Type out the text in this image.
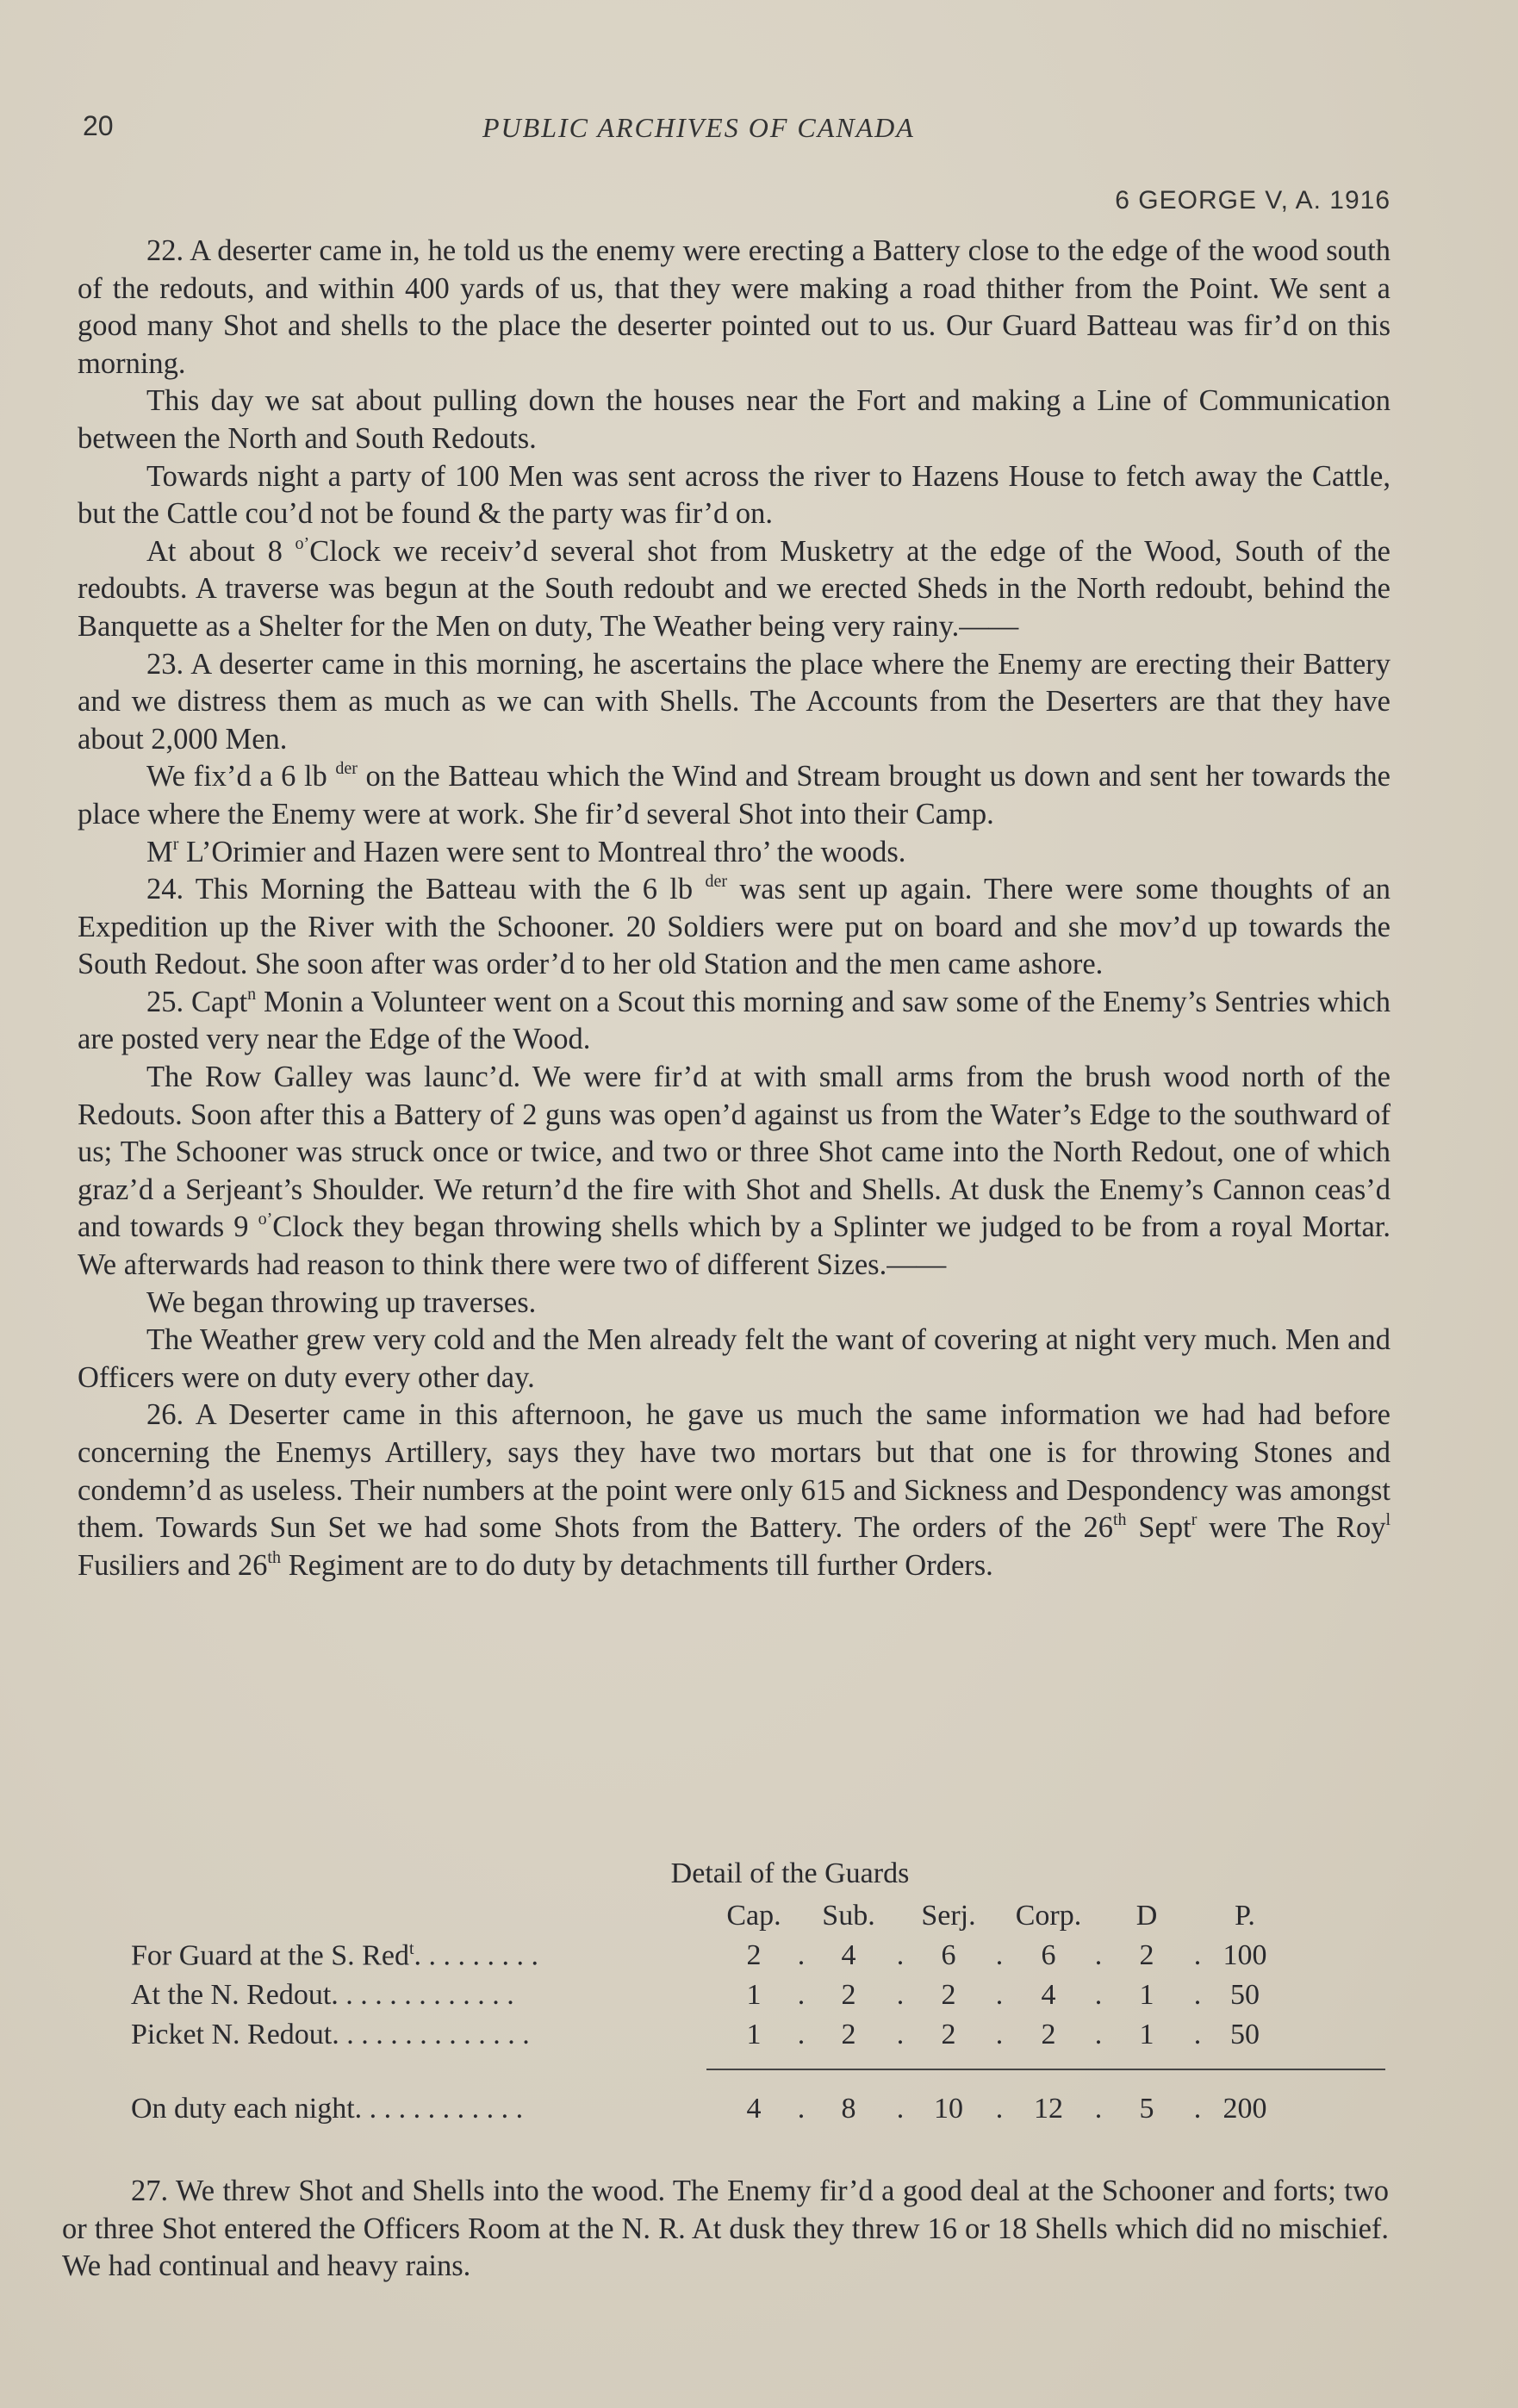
20	PUBLIC ARCHIVES OF CANADA
6 GEORGE V, A. 1916

22. A deserter came in, he told us the enemy were erecting a Battery close to the edge of the wood south of the redouts, and within 400 yards of us, that they were making a road thither from the Point. We sent a good many Shot and shells to the place the deserter pointed out to us. Our Guard Batteau was fir’d on this morning.

This day we sat about pulling down the houses near the Fort and making a Line of Communication between the North and South Redouts.

Towards night a party of 100 Men was sent across the river to Hazens House to fetch away the Cattle, but the Cattle cou’d not be found & the party was fir’d on.

At about 8 $^{o’}$Clock we receiv’d several shot from Musketry at the edge of the Wood, South of the redoubts. A traverse was begun at the South redoubt and we erected Sheds in the North redoubt, behind the Banquette as a Shelter for the Men on duty, The Weather being very rainy.——

23. A deserter came in this morning, he ascertains the place where the Enemy are erecting their Battery and we distress them as much as we can with Shells. The Accounts from the Deserters are that they have about 2,000 Men.

We fix’d a 6 lb $^{der}$ on the Batteau which the Wind and Stream brought us down and sent her towards the place where the Enemy were at work. She fir’d several Shot into their Camp.

$M^r$ L’Orimier and Hazen were sent to Montreal thro’ the woods.

24. This Morning the Batteau with the 6 lb $^{der}$ was sent up again. There were some thoughts of an Expedition up the River with the Schooner. 20 Soldiers were put on board and she mov’d up towards the South Redout. She soon after was order’d to her old Station and the men came ashore.

25. Capt$^n$ Monin a Volunteer went on a Scout this morning and saw some of the Enemy’s Sentries which are posted very near the Edge of the Wood.

The Row Galley was launc’d. We were fir’d at with small arms from the brush wood north of the Redouts. Soon after this a Battery of 2 guns was open’d against us from the Water’s Edge to the southward of us; The Schooner was struck once or twice, and two or three Shot came into the North Redout, one of which graz’d a Serjeant’s Shoulder. We return’d the fire with Shot and Shells. At dusk the Enemy’s Cannon ceas’d and towards 9 $^{o’}$Clock they began throwing shells which by a Splinter we judged to be from a royal Mortar. We afterwards had reason to think there were two of different Sizes.——

We began throwing up traverses.

The Weather grew very cold and the Men already felt the want of covering at night very much. Men and Officers were on duty every other day.

26. A Deserter came in this afternoon, he gave us much the same information we had had before concerning the Enemys Artillery, says they have two mortars but that one is for throwing Stones and condemn’d as useless. Their numbers at the point were only 615 and Sickness and Despondency was amongst them. Towards Sun Set we had some Shots from the Battery. The orders of the 26th Sept$^r$ were The Roy$^l$ Fusiliers and 26th Regiment are to do duty by detachments till further Orders.

Detail of the Guards
Cap.	Sub.	Serj.	Corp.	D	P.
For Guard at the S. Red$^t$. . . . . . . . .	2	.	4	.	6	.	6	.	2	. 100
At the N. Redout. . . . . . . . . . . . .	1	.	2	.	2	.	4	.	1	. 50
Picket N. Redout. . . . . . . . . . . . . .	1	.	2	.	2	.	2	.	1	. 50
On duty each night. . . . . . . . . . . .	4	.	8	.	10	.	12	.	5	. 200

27. We threw Shot and Shells into the wood. The Enemy fir’d a good deal at the Schooner and forts; two or three Shot entered the Officers Room at the N. R. At dusk they threw 16 or 18 Shells which did no mischief. We had continual and heavy rains.
